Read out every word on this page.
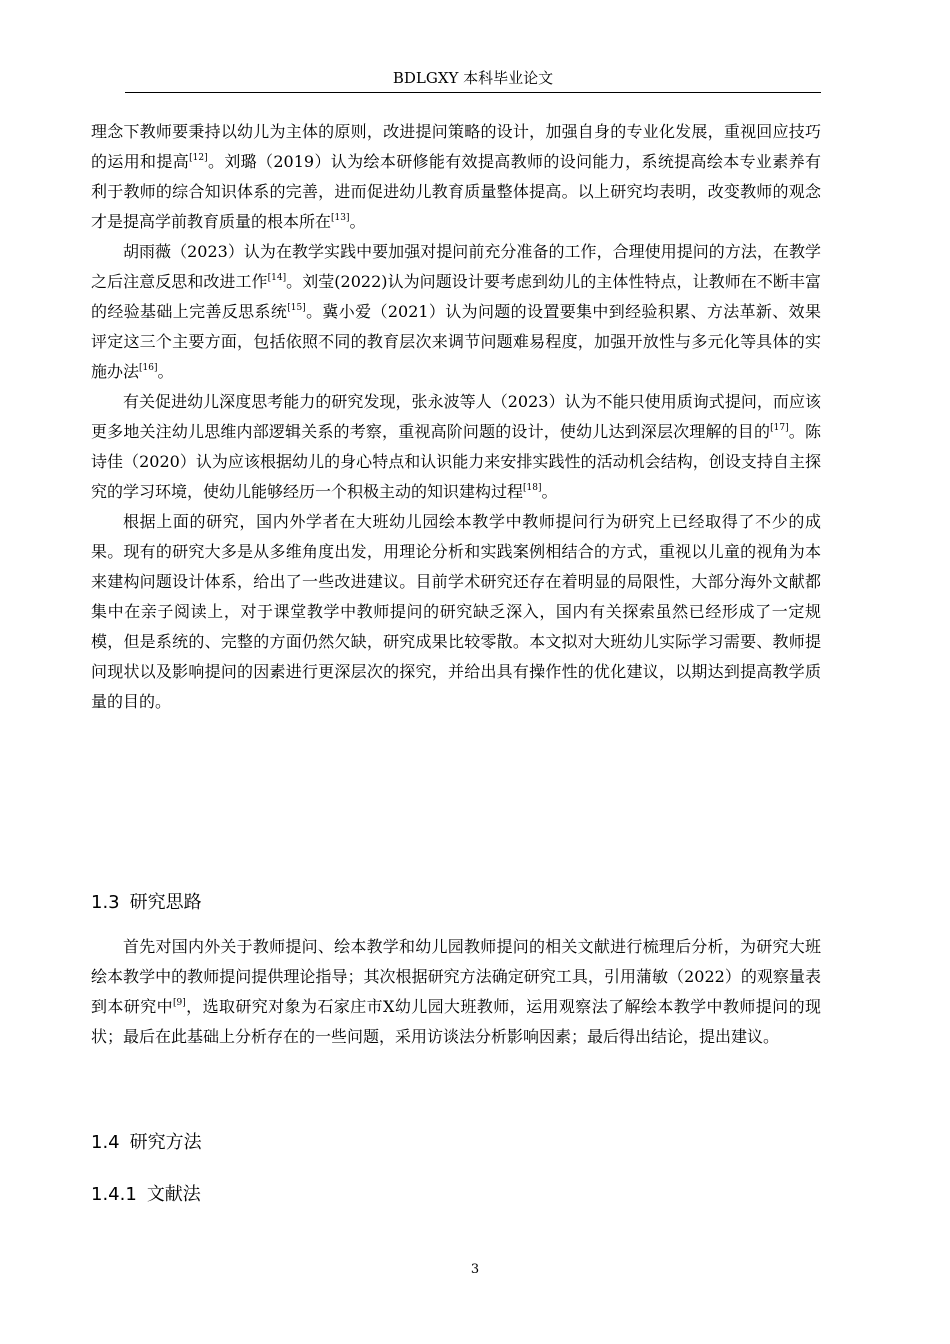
BDLGXY 本科毕业论文

理念下教师要秉持以幼儿为主体的原则，改进提问策略的设计，加强自身的专业化发展，重视回应技巧的运用和提高[12]。刘璐（2019）认为绘本研修能有效提高教师的设问能力，系统提高绘本专业素养有利于教师的综合知识体系的完善，进而促进幼儿教育质量整体提高。以上研究均表明，改变教师的观念才是提高学前教育质量的根本所在[13]。

胡雨薇（2023）认为在教学实践中要加强对提问前充分准备的工作，合理使用提问的方法，在教学之后注意反思和改进工作[14]。刘莹(2022)认为问题设计要考虑到幼儿的主体性特点，让教师在不断丰富的经验基础上完善反思系统[15]。冀小爱（2021）认为问题的设置要集中到经验积累、方法革新、效果评定这三个主要方面，包括依照不同的教育层次来调节问题难易程度，加强开放性与多元化等具体的实施办法[16]。

有关促进幼儿深度思考能力的研究发现，张永波等人（2023）认为不能只使用质询式提问，而应该更多地关注幼儿思维内部逻辑关系的考察，重视高阶问题的设计，使幼儿达到深层次理解的目的[17]。陈诗佳（2020）认为应该根据幼儿的身心特点和认识能力来安排实践性的活动机会结构，创设支持自主探究的学习环境，使幼儿能够经历一个积极主动的知识建构过程[18]。

根据上面的研究，国内外学者在大班幼儿园绘本教学中教师提问行为研究上已经取得了不少的成果。现有的研究大多是从多维角度出发，用理论分析和实践案例相结合的方式，重视以儿童的视角为本来建构问题设计体系，给出了一些改进建议。目前学术研究还存在着明显的局限性，大部分海外文献都集中在亲子阅读上，对于课堂教学中教师提问的研究缺乏深入，国内有关探索虽然已经形成了一定规模，但是系统的、完整的方面仍然欠缺，研究成果比较零散。本文拟对大班幼儿实际学习需要、教师提问现状以及影响提问的因素进行更深层次的探究，并给出具有操作性的优化建议，以期达到提高教学质量的目的。

1.3 研究思路

首先对国内外关于教师提问、绘本教学和幼儿园教师提问的相关文献进行梳理后分析，为研究大班绘本教学中的教师提问提供理论指导；其次根据研究方法确定研究工具，引用蒲敏（2022）的观察量表到本研究中[9]，选取研究对象为石家庄市X幼儿园大班教师，运用观察法了解绘本教学中教师提问的现状；最后在此基础上分析存在的一些问题，采用访谈法分析影响因素；最后得出结论，提出建议。

1.4 研究方法
1.4.1 文献法
3
